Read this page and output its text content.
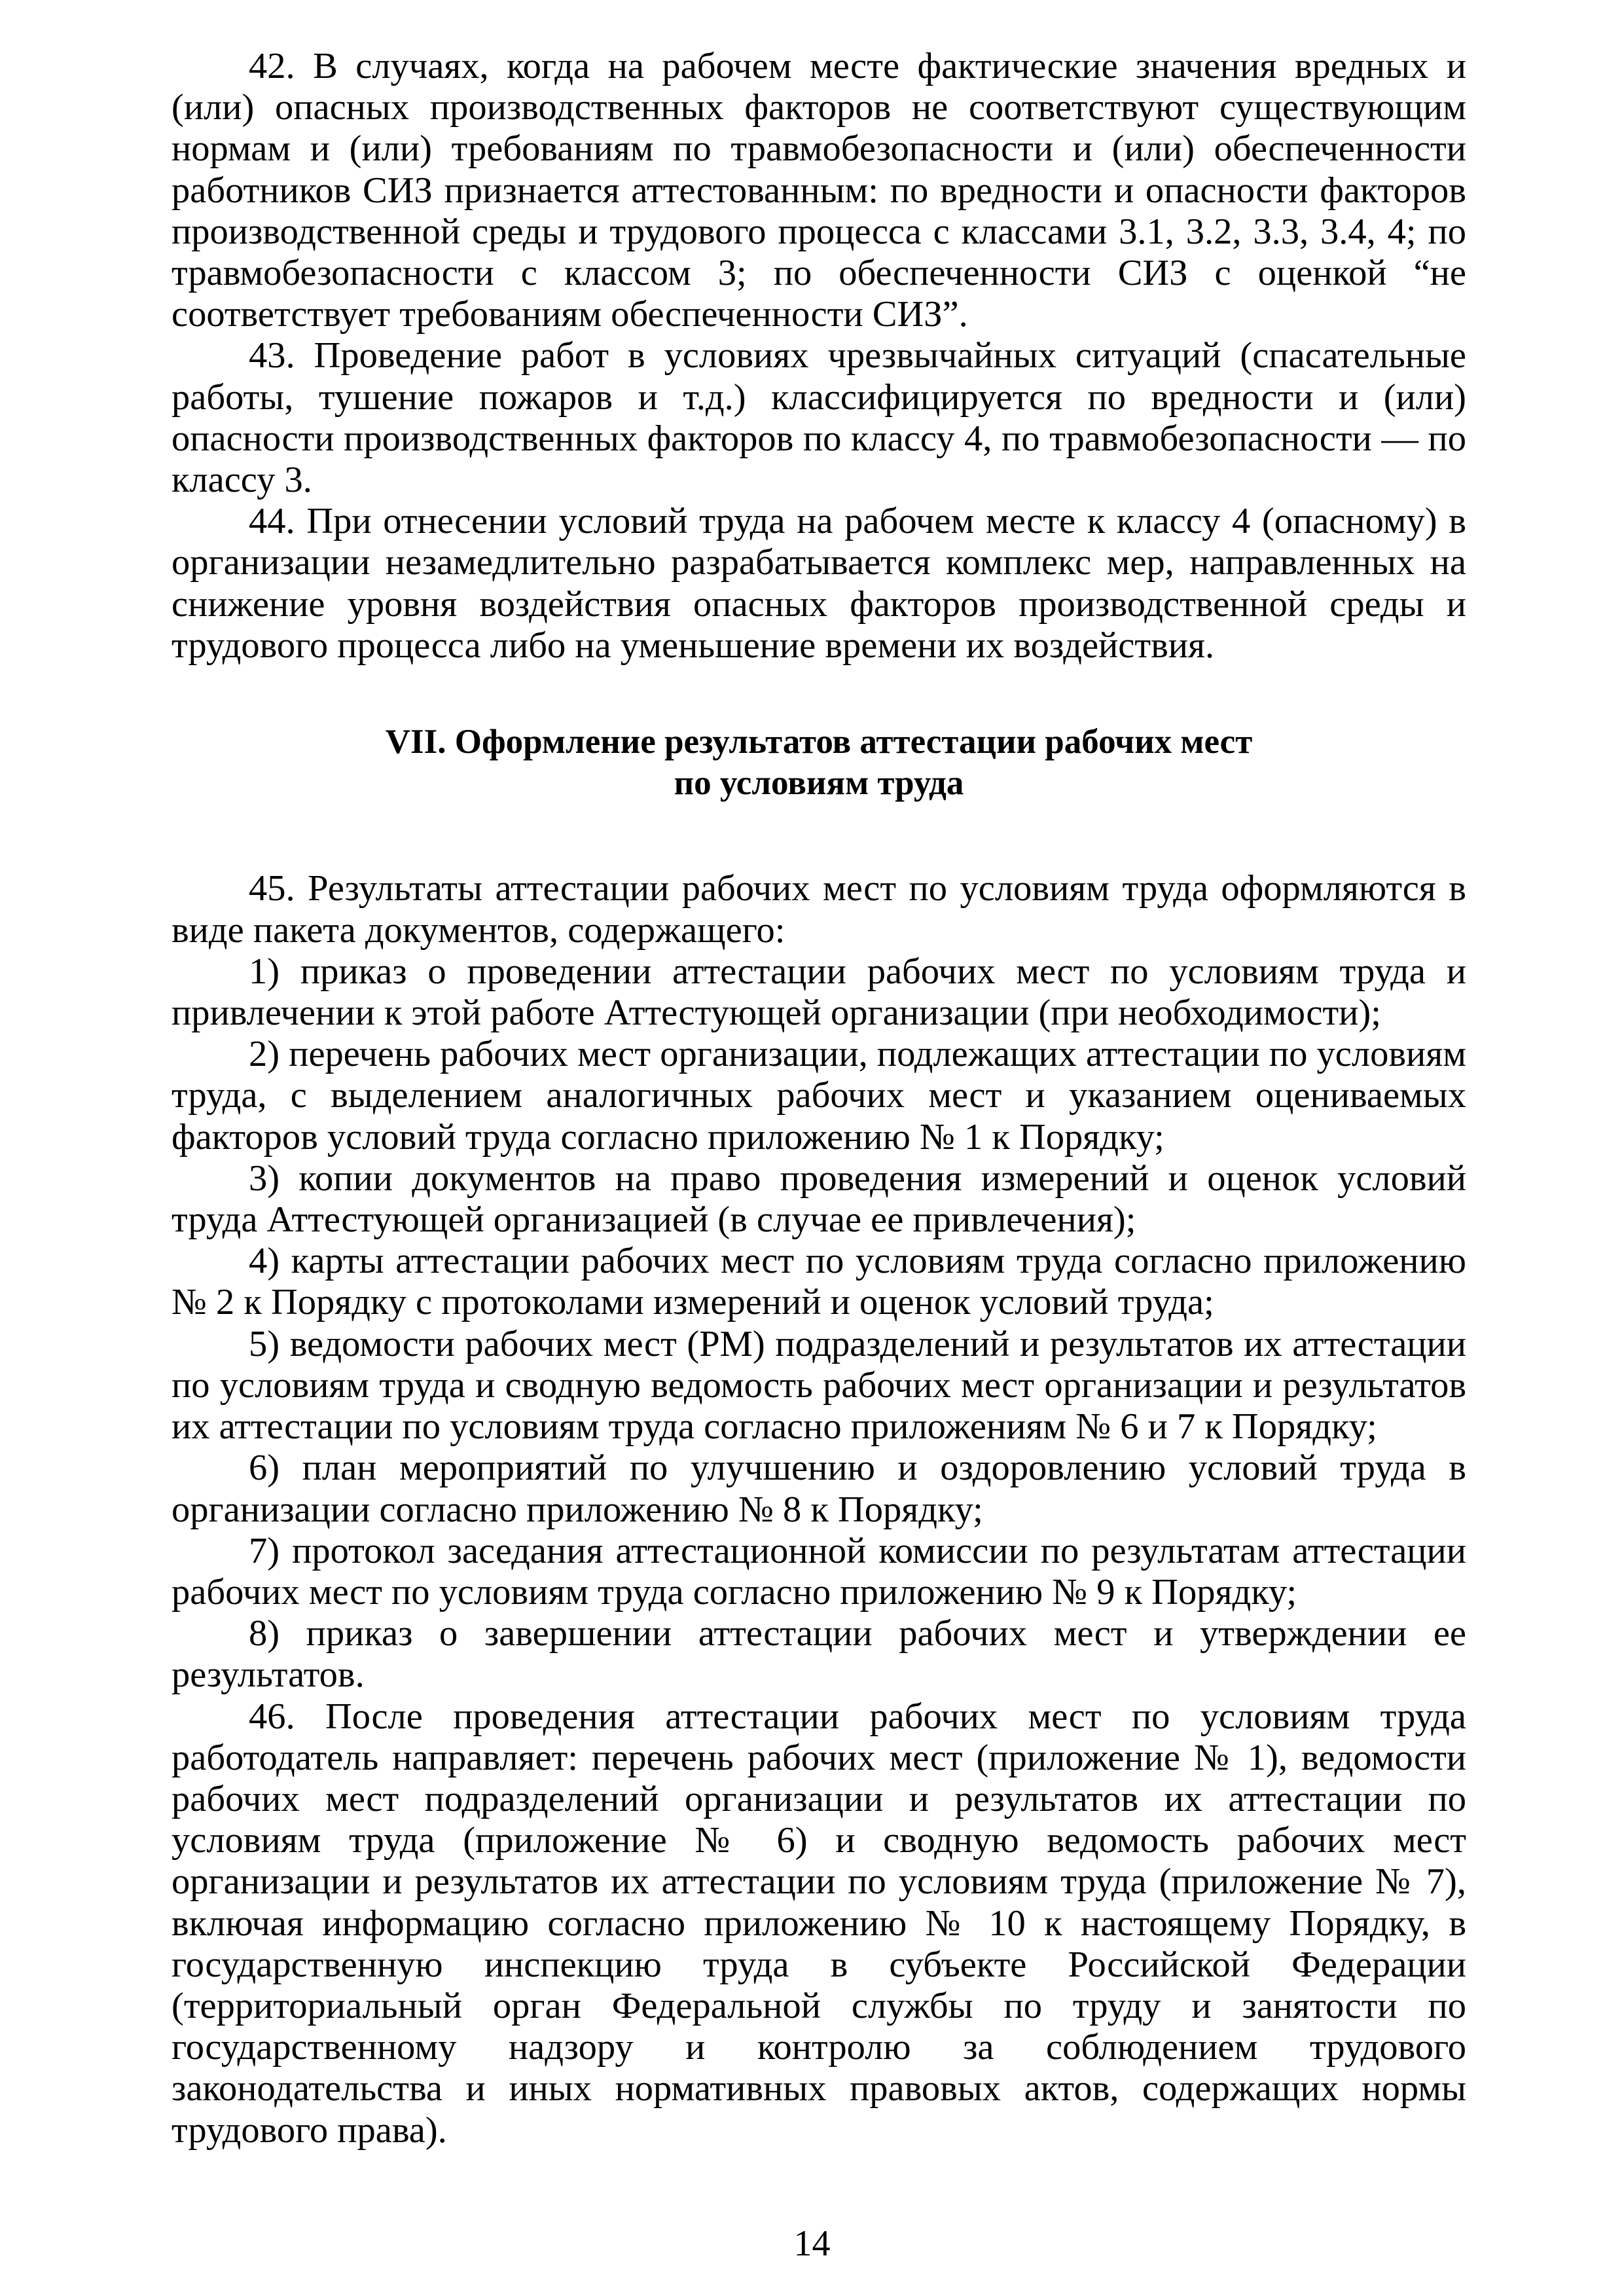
42. В случаях, когда на рабочем месте фактические значения вредных и (или) опасных производственных факторов не соответствуют существующим нормам и (или) требованиям по травмобезопасности и (или) обеспеченности работников СИЗ признается аттестованным: по вредности и опасности факторов производственной среды и трудового процесса с классами 3.1, 3.2, 3.3, 3.4, 4; по травмобезопасности с классом 3; по обеспеченности СИЗ с оценкой “не соответствует требованиям обеспеченности СИЗ”.

43. Проведение работ в условиях чрезвычайных ситуаций (спасательные работы, тушение пожаров и т.д.) классифицируется по вредности и (или) опасности производственных факторов по классу 4, по травмобезопасности — по классу 3.

44. При отнесении условий труда на рабочем месте к классу 4 (опасному) в организации незамедлительно разрабатывается комплекс мер, направленных на снижение уровня воздействия опасных факторов производственной среды и трудового процесса либо на уменьшение времени их воздействия.

VII. Оформление результатов аттестации рабочих мест
по условиям труда

45. Результаты аттестации рабочих мест по условиям труда оформляются в виде пакета документов, содержащего:

1) приказ о проведении аттестации рабочих мест по условиям труда и привлечении к этой работе Аттестующей организации (при необходимости);

2) перечень рабочих мест организации, подлежащих аттестации по условиям труда, с выделением аналогичных рабочих мест и указанием оцениваемых факторов условий труда согласно приложению № 1 к Порядку;

3) копии документов на право проведения измерений и оценок условий труда Аттестующей организацией (в случае ее привлечения);

4) карты аттестации рабочих мест по условиям труда согласно приложению № 2 к Порядку с протоколами измерений и оценок условий труда;

5) ведомости рабочих мест (РМ) подразделений и результатов их аттестации по условиям труда и сводную ведомость рабочих мест организации и результатов их аттестации по условиям труда согласно приложениям № 6 и 7 к Порядку;

6) план мероприятий по улучшению и оздоровлению условий труда в организации согласно приложению № 8 к Порядку;

7) протокол заседания аттестационной комиссии по результатам аттестации рабочих мест по условиям труда согласно приложению № 9 к Порядку;

8) приказ о завершении аттестации рабочих мест и утверждении ее результатов.

46. После проведения аттестации рабочих мест по условиям труда работодатель направляет: перечень рабочих мест (приложение № 1), ведомости рабочих мест подразделений организации и результатов их аттестации по условиям труда (приложение № 6) и сводную ведомость рабочих мест организации и результатов их аттестации по условиям труда (приложение № 7), включая информацию согласно приложению № 10 к настоящему Порядку, в государственную инспекцию труда в субъекте Российской Федерации (территориальный орган Федеральной службы по труду и занятости по государственному надзору и контролю за соблюдением трудового законодательства и иных нормативных правовых актов, содержащих нормы трудового права).

14
